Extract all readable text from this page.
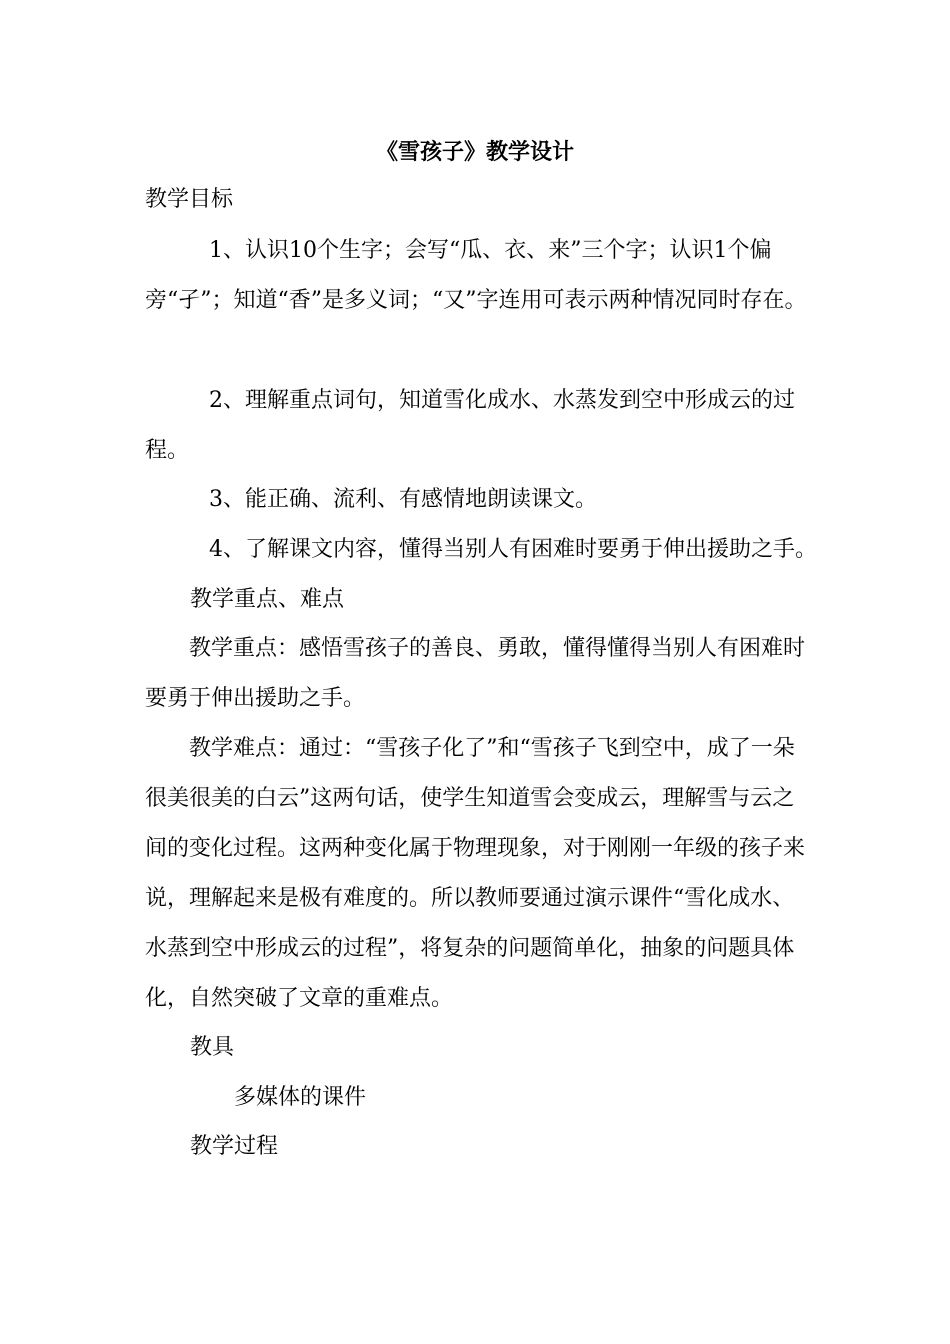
《雪孩子》教学设计
教学目标
1、认识10个生字；会写“瓜、衣、来”三个字；认识1个偏旁“孑”；知道“香”是多义词；“又”字连用可表示两种情况同时存在。
2、理解重点词句，知道雪化成水、水蒸发到空中形成云的过程。
3、能正确、流利、有感情地朗读课文。
4、了解课文内容，懂得当别人有困难时要勇于伸出援助之手。
教学重点、难点
教学重点：感悟雪孩子的善良、勇敢，懂得懂得当别人有困难时要勇于伸出援助之手。
教学难点：通过：“雪孩子化了”和“雪孩子飞到空中，成了一朵很美很美的白云”这两句话，使学生知道雪会变成云，理解雪与云之间的变化过程。这两种变化属于物理现象，对于刚刚一年级的孩子来说，理解起来是极有难度的。所以教师要通过演示课件“雪化成水、水蒸到空中形成云的过程”，将复杂的问题简单化，抽象的问题具体化，自然突破了文章的重难点。
教具
多媒体的课件
教学过程
